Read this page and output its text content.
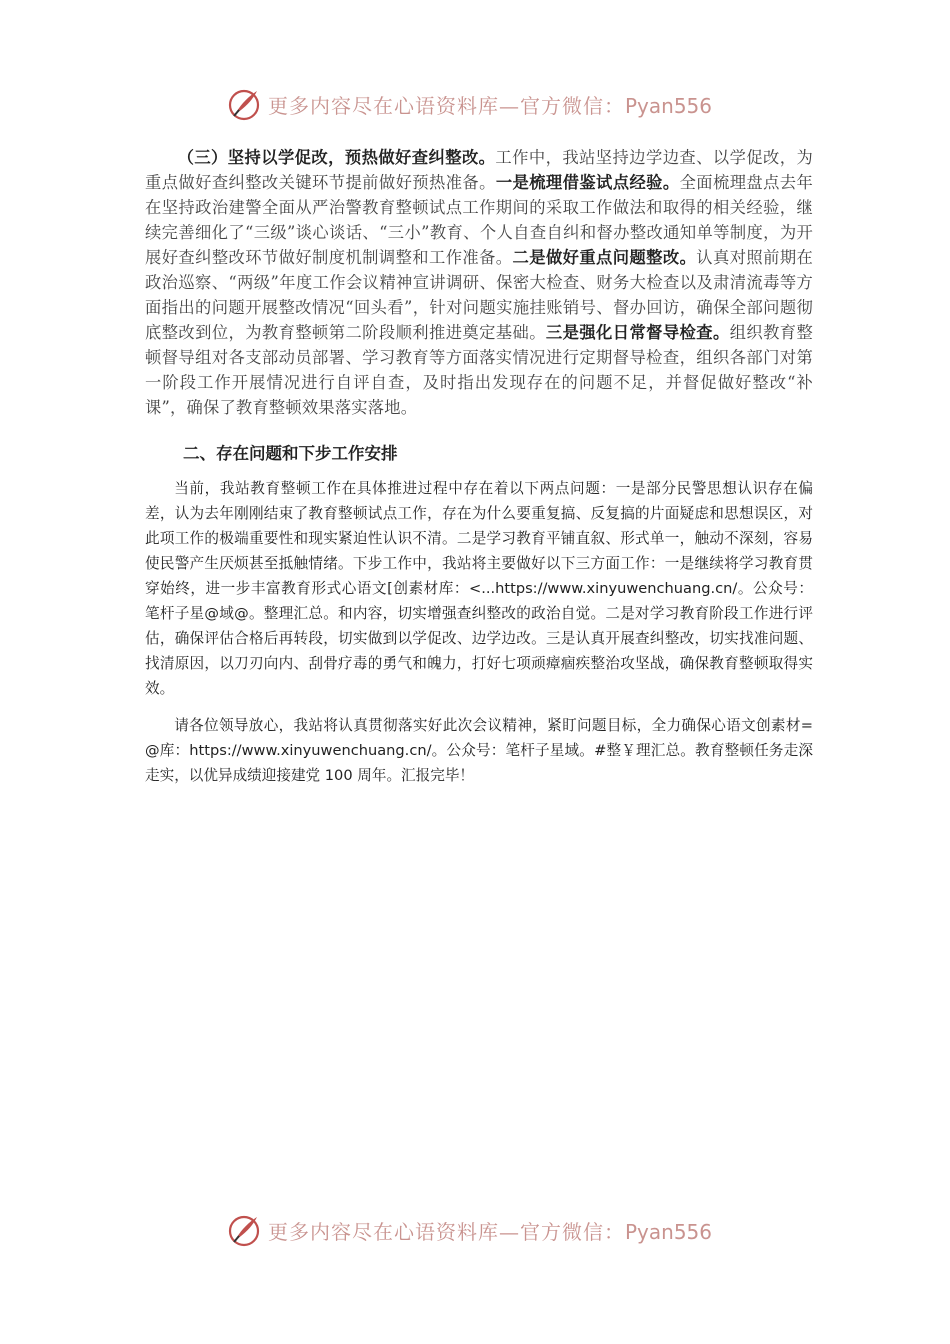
更多内容尽在心语资料库—官方微信：Pyan556

（三）坚持以学促改，预热做好查纠整改。工作中，我站坚持边学边查、以学促改，为重点做好查纠整改关键环节提前做好预热准备。一是梳理借鉴试点经验。全面梳理盘点去年在坚持政治建警全面从严治警教育整顿试点工作期间的采取工作做法和取得的相关经验，继续完善细化了“三级”谈心谈话、“三小”教育、个人自查自纠和督办整改通知单等制度，为开展好查纠整改环节做好制度机制调整和工作准备。二是做好重点问题整改。认真对照前期在政治巡察、“两级”年度工作会议精神宣讲调研、保密大检查、财务大检查以及肃清流毒等方面指出的问题开展整改情况“回头看”，针对问题实施挂账销号、督办回访，确保全部问题彻底整改到位，为教育整顿第二阶段顺利推进奠定基础。三是强化日常督导检查。组织教育整顿督导组对各支部动员部署、学习教育等方面落实情况进行定期督导检查，组织各部门对第一阶段工作开展情况进行自评自查，及时指出发现存在的问题不足，并督促做好整改“补课”，确保了教育整顿效果落实落地。

二、存在问题和下步工作安排

当前，我站教育整顿工作在具体推进过程中存在着以下两点问题：一是部分民警思想认识存在偏差，认为去年刚刚结束了教育整顿试点工作，存在为什么要重复搞、反复搞的片面疑虑和思想误区，对此项工作的极端重要性和现实紧迫性认识不清。二是学习教育平铺直叙、形式单一，触动不深刻，容易使民警产生厌烦甚至抵触情绪。下步工作中，我站将主要做好以下三方面工作：一是继续将学习教育贯穿始终，进一步丰富教育形式心语文[创素材库：<...https://www.xinyuwenchuang.cn/。公众号：笔杆子星@域@。整理汇总。和内容，切实增强查纠整改的政治自觉。二是对学习教育阶段工作进行评估，确保评估合格后再转段，切实做到以学促改、边学边改。三是认真开展查纠整改，切实找准问题、找清原因，以刀刃向内、刮骨疗毒的勇气和魄力，打好七项顽瘴痼疾整治攻坚战，确保教育整顿取得实效。

请各位领导放心，我站将认真贯彻落实好此次会议精神，紧盯问题目标，全力确保心语文创素材=@库：https://www.xinyuwenchuang.cn/。公众号：笔杆子星域。#整￥理汇总。教育整顿任务走深走实，以优异成绩迎接建党 100 周年。汇报完毕！

更多内容尽在心语资料库—官方微信：Pyan556
